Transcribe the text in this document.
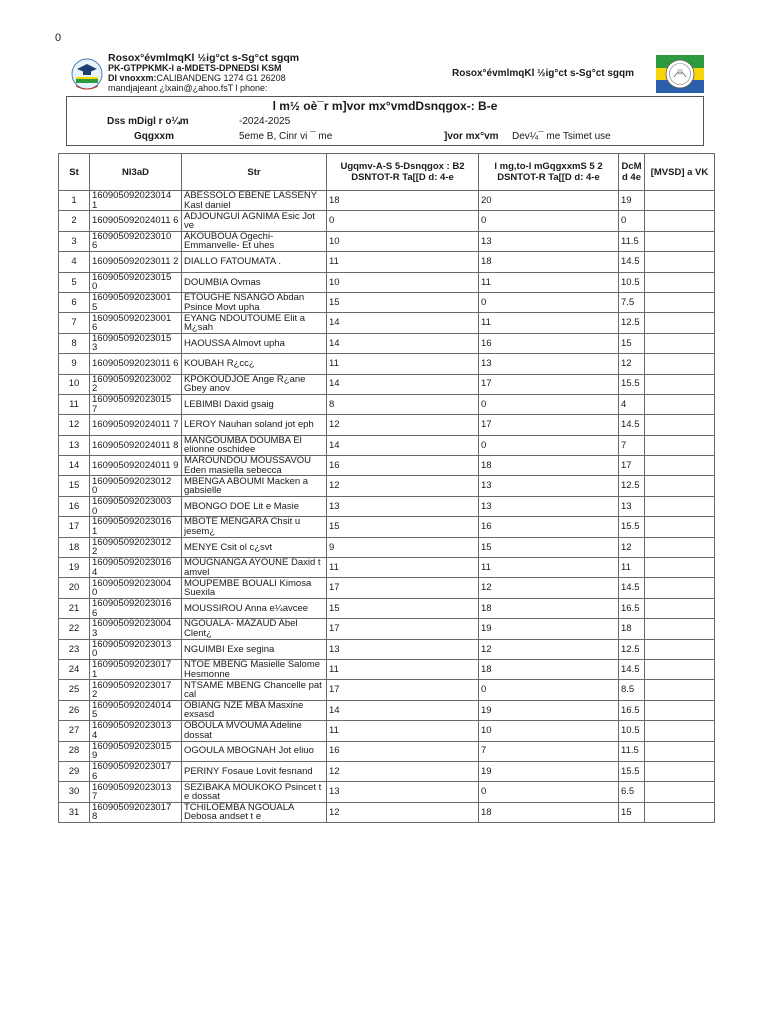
0
Rosox°évmlmqKl ½ig°ct s-Sg°ct sgqm
PK-GTPPKMK-l a-MDETS-DPNEDSI KSM
DI vnoxxm:CALIBANDENG 1274 G1 26208
mandjajeant ¿lxain@¿ahoo.fsT l phone:
Rosox°évmlmqKl ½ig°ct s-Sg°ct sgqm
l m½ oè¯r m]vor mx°vmdDsnqgox-: B-e
Dss mDigl r o¼m	-2024-2025
Gqgxxm	5eme B, Cinr vi ¯ me	]vor mx°vm Dev¼¯ me Tsimet use
St	Nl3aD	Str	Ugqmv-A-S 5-Dsnqgox : B2 DSNTOT-R Ta[[D d: 4-e	l mg,to-l mGqgxxmS 5 2 DSNTOT-R Ta[[D d: 4-e	DcM d 4e	[MVSD] a VK
1	160905092023014 1	ABESSOLO EBENE LASSENY Kasl daniel	18	20	19	
2	160905092024011 6	ADJOUNGUI AGNIMA Esic Jot ve	0	0	0	
3	160905092023010 6	AKOUBOUA Ogechi-Emmanvelle- Et uhes	10	13	11.5	
4	160905092023011 2	DIALLO FATOUMATA .	11	18	14.5	
5	160905092023015 0	DOUMBIA Ovmas	10	11	10.5	
6	160905092023001 5	ETOUGHE NSANGO Abdan Psince Movt upha	15	0	7.5	
7	160905092023001 6	EYANG NDOUTOUME Elit a M¿sah	14	11	12.5	
8	160905092023015 3	HAOUSSA Almovt upha	14	16	15	
9	160905092023011 6	KOUBAH R¿cc¿	11	13	12	
10	160905092023002 2	KPOKOUDJOE Ange R¿ane Gbey anov	14	17	15.5	
11	160905092023015 7	LEBIMBI Daxid gsaig	8	0	4	
12	160905092024011 7	LEROY Nauhan soland jot eph	12	17	14.5	
13	160905092024011 8	MANGOUMBA DOUMBA El elionne oschidee	14	0	7	
14	160905092024011 9	MAROUNDOU MOUSSAVOU Eden masiella sebecca	16	18	17	
15	160905092023012 0	MBENGA ABOUMI Macken a gabsielle	12	13	12.5	
16	160905092023003 0	MBONGO DOE Lit e Masie	13	13	13	
17	160905092023016 1	MBOTE MENGARA Chsit u jesem¿	15	16	15.5	
18	160905092023012 2	MENYE Csit ol c¿svt	9	15	12	
19	160905092023016 4	MOUGNANGA AYOUNE Daxid t amvel	11	11	11	
20	160905092023004 0	MOUPEMBE BOUALI Kimosa Suexila	17	12	14.5	
21	160905092023016 6	MOUSSIROU Anna e¼avcee	15	18	16.5	
22	160905092023004 3	NGOUALA- MAZAUD Abel Clent¿	17	19	18	
23	160905092023013 0	NGUIMBI Exe segina	13	12	12.5	
24	160905092023017 1	NTOE MBENG Masielle Salome Hesmonne	11	18	14.5	
25	160905092023017 2	NTSAME MBENG Chancelle pat cal	17	0	8.5	
26	160905092024014 5	OBIANG NZE MBA Masxine exsasd	14	19	16.5	
27	160905092023013 4	OBOULA MVOUMA Adeline dossat	11	10	10.5	
28	160905092023015 9	OGOULA MBOGNAH Jot eliuo	16	7	11.5	
29	160905092023017 6	PERINY Fosaue Lovit fesnand	12	19	15.5	
30	160905092023013 7	SEZIBAKA MOUKOKO Psincet t e dossat	13	0	6.5	
31	160905092023017 8	TCHILOEMBA NGOUALA Debosa andset t e	12	18	15	
